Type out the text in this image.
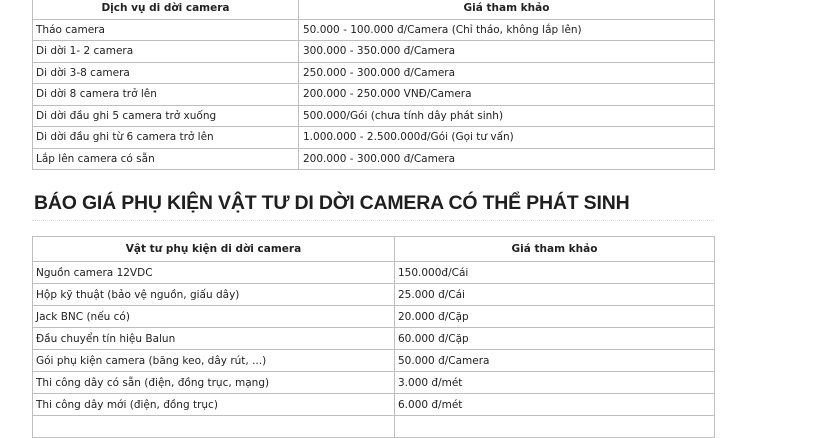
Dịch vụ di dời camera	Giá tham khảo
Tháo camera	50.000 - 100.000 đ/Camera (Chỉ tháo, không lắp lên)
Di dời 1- 2 camera	300.000 - 350.000 đ/Camera
Di dời 3-8 camera	250.000 - 300.000 đ/Camera
Di dời 8 camera trở lên	200.000 - 250.000 VNĐ/Camera
Di dời đầu ghi 5 camera trở xuống	500.000/Gói (chưa tính dây phát sinh)
Di dời đầu ghi từ 6 camera trở lên	1.000.000 - 2.500.000đ/Gói (Gọi tư vấn)
Lắp lên camera có sẵn	200.000 - 300.000 đ/Camera
BÁO GIÁ PHỤ KIỆN VẬT TƯ DI DỜI CAMERA CÓ THỂ PHÁT SINH
Vật tư phụ kiện di dời camera	Giá tham khảo
Nguồn camera 12VDC	150.000đ/Cái
Hộp kỹ thuật (bảo vệ nguồn, giấu dây)	25.000 đ/Cái
Jack BNC (nếu có)	20.000 đ/Cặp
Đầu chuyển tín hiệu Balun	60.000 đ/Cặp
Gói phụ kiện camera (băng keo, dây rút, ...)	50.000 đ/Camera
Thi công dây có sẵn (điện, đồng trục, mạng)	3.000 đ/mét
Thi công dây mới (điện, đồng trục)	6.000 đ/mét
